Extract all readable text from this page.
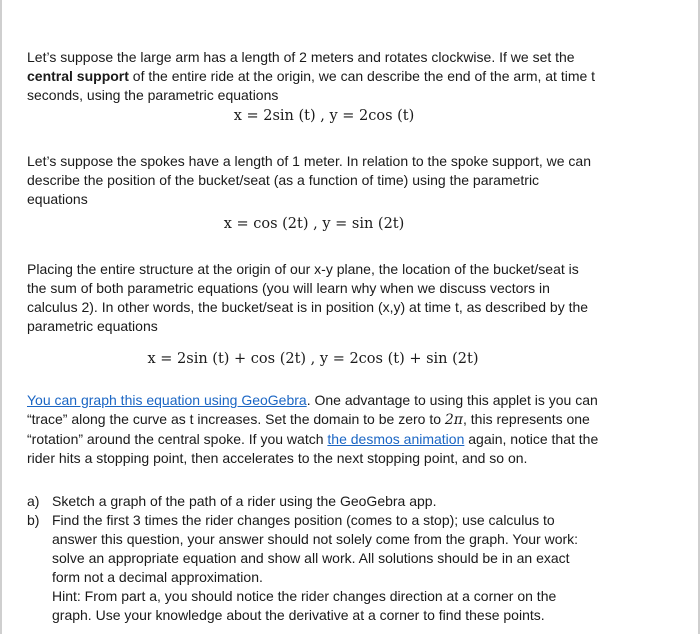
Let’s suppose the large arm has a length of 2 meters and rotates clockwise. If we set the central support of the entire ride at the origin, we can describe the end of the arm, at time t seconds, using the parametric equations

x = 2sin (t) , y = 2cos (t)

Let’s suppose the spokes have a length of 1 meter. In relation to the spoke support, we can describe the position of the bucket/seat (as a function of time) using the parametric equations

x = cos (2t) , y = sin (2t)

Placing the entire structure at the origin of our x-y plane, the location of the bucket/seat is the sum of both parametric equations (you will learn why when we discuss vectors in calculus 2). In other words, the bucket/seat is in position (x,y) at time t, as described by the parametric equations

x = 2sin (t) + cos (2t) , y = 2cos (t) + sin (2t)

You can graph this equation using GeoGebra. One advantage to using this applet is you can “trace” along the curve as t increases. Set the domain to be zero to 2π, this represents one “rotation” around the central spoke. If you watch the desmos animation again, notice that the rider hits a stopping point, then accelerates to the next stopping point, and so on.

a) Sketch a graph of the path of a rider using the GeoGebra app.
b) Find the first 3 times the rider changes position (comes to a stop); use calculus to answer this question, your answer should not solely come from the graph. Your work: solve an appropriate equation and show all work. All solutions should be in an exact form not a decimal approximation.
Hint: From part a, you should notice the rider changes direction at a corner on the graph. Use your knowledge about the derivative at a corner to find these points.
